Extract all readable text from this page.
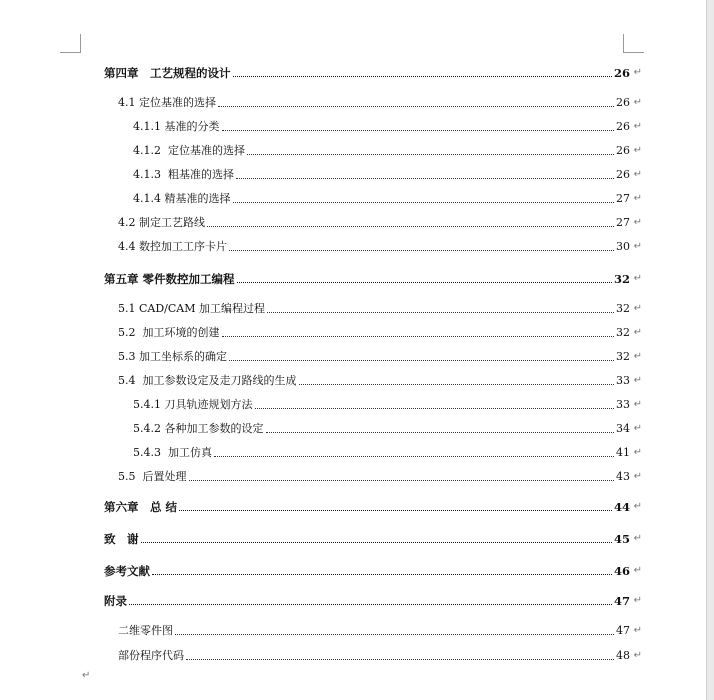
第四章　工艺规程的设计	26 ↵
4.1 定位基准的选择	26 ↵
4.1.1 基准的分类	26 ↵
4.1.2  定位基准的选择	26 ↵
4.1.3  粗基准的选择	26 ↵
4.1.4 精基准的选择	27 ↵
4.2 制定工艺路线	27 ↵
4.4 数控加工工序卡片	30 ↵
第五章 零件数控加工编程	32 ↵
5.1 CAD/CAM 加工编程过程	32 ↵
5.2  加工环境的创建	32 ↵
5.3 加工坐标系的确定	32 ↵
5.4  加工参数设定及走刀路线的生成	33 ↵
5.4.1 刀具轨迹规划方法	33 ↵
5.4.2 各种加工参数的设定	34 ↵
5.4.3  加工仿真	41 ↵
5.5  后置处理	43 ↵
第六章　总 结	44 ↵
致　谢	45 ↵
参考文献	46 ↵
附录	47 ↵
二维零件图	47 ↵
部份程序代码	48 ↵
↵
